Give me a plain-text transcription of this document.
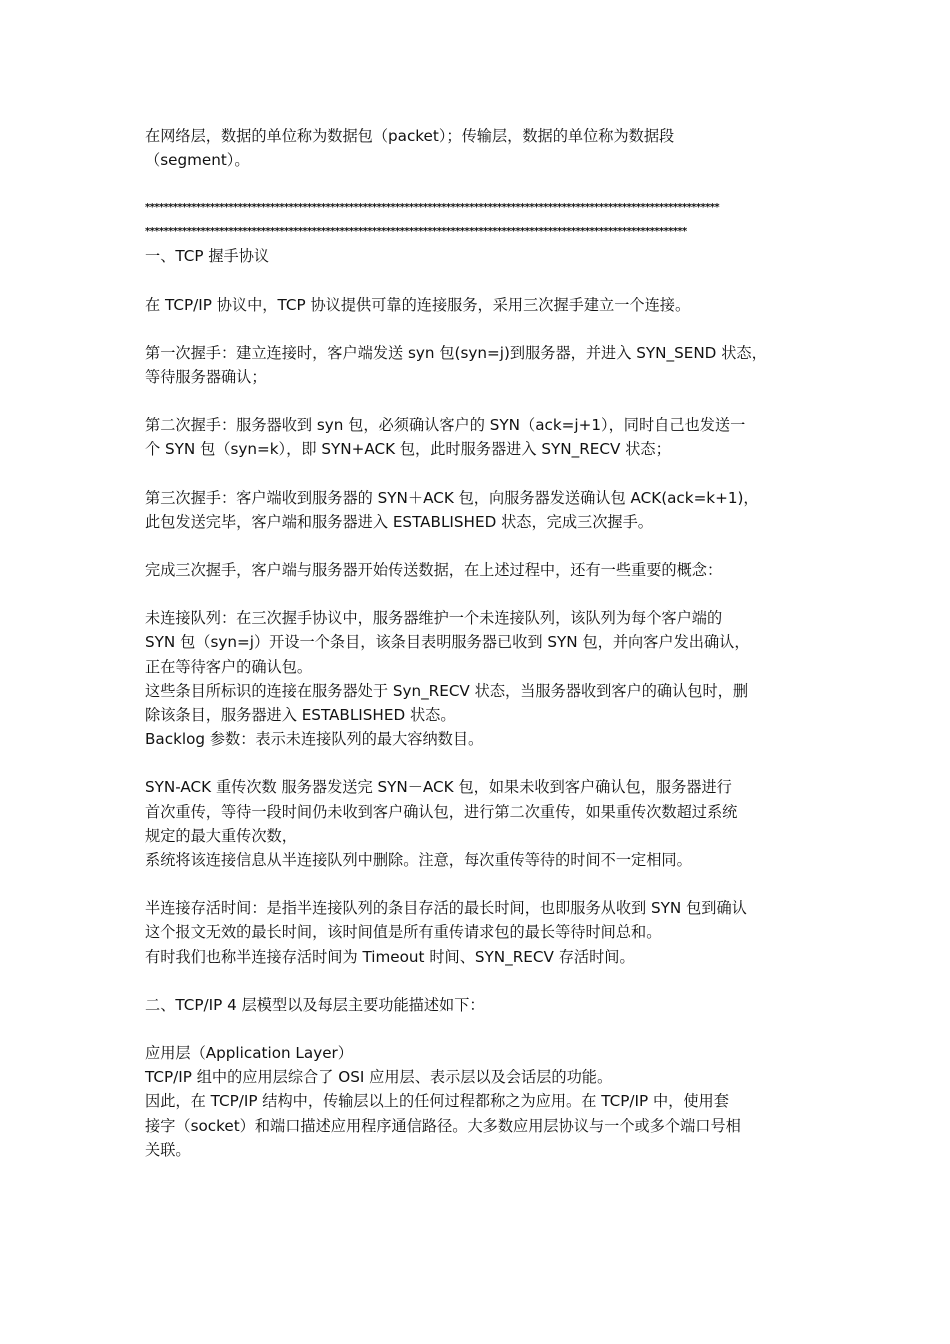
在网络层，数据的单位称为数据包（packet）；传输层，数据的单位称为数据段
（segment）。
****************************************************************************************************************************
*********************************************************************************************************************
一、TCP 握手协议
在 TCP/IP 协议中，TCP 协议提供可靠的连接服务，采用三次握手建立一个连接。
第一次握手：建立连接时，客户端发送 syn 包(syn=j)到服务器，并进入 SYN_SEND 状态，
等待服务器确认；
第二次握手：服务器收到 syn 包，必须确认客户的 SYN（ack=j+1），同时自己也发送一
个 SYN 包（syn=k），即 SYN+ACK 包，此时服务器进入 SYN_RECV 状态；
第三次握手：客户端收到服务器的 SYN＋ACK 包，向服务器发送确认包 ACK(ack=k+1)，
此包发送完毕，客户端和服务器进入 ESTABLISHED 状态，完成三次握手。
完成三次握手，客户端与服务器开始传送数据，在上述过程中，还有一些重要的概念：
未连接队列：在三次握手协议中，服务器维护一个未连接队列，该队列为每个客户端的
SYN 包（syn=j）开设一个条目，该条目表明服务器已收到 SYN 包，并向客户发出确认，
正在等待客户的确认包。
这些条目所标识的连接在服务器处于 Syn_RECV 状态，当服务器收到客户的确认包时，删
除该条目，服务器进入 ESTABLISHED 状态。
Backlog 参数：表示未连接队列的最大容纳数目。
SYN-ACK 重传次数 服务器发送完 SYN－ACK 包，如果未收到客户确认包，服务器进行
首次重传，等待一段时间仍未收到客户确认包，进行第二次重传，如果重传次数超过系统
规定的最大重传次数，
系统将该连接信息从半连接队列中删除。注意，每次重传等待的时间不一定相同。
半连接存活时间：是指半连接队列的条目存活的最长时间，也即服务从收到 SYN 包到确认
这个报文无效的最长时间，该时间值是所有重传请求包的最长等待时间总和。
有时我们也称半连接存活时间为 Timeout 时间、SYN_RECV 存活时间。
二、TCP/IP 4 层模型以及每层主要功能描述如下：
应用层（Application Layer）
TCP/IP 组中的应用层综合了 OSI 应用层、表示层以及会话层的功能。
因此，在 TCP/IP 结构中，传输层以上的任何过程都称之为应用。在 TCP/IP 中，使用套
接字（socket）和端口描述应用程序通信路径。大多数应用层协议与一个或多个端口号相
关联。
